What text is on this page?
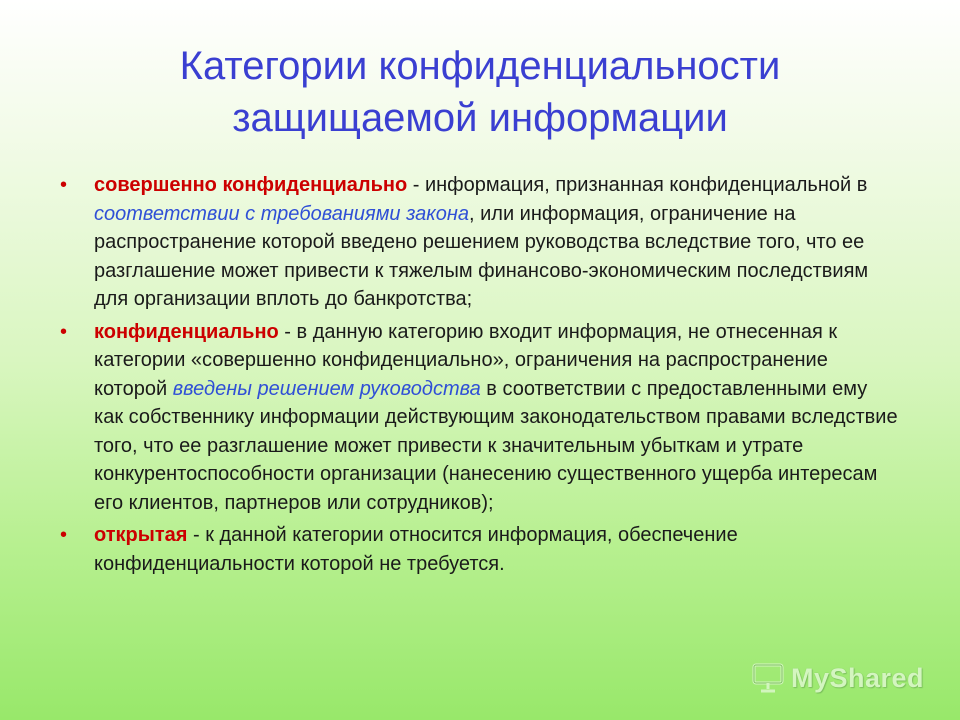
Категории конфиденциальности
защищаемой информации
• совершенно конфиденциально - информация, признанная конфиденциальной в соответствии с требованиями закона, или информация, ограничение на распространение которой введено решением руководства вследствие того, что ее разглашение может привести к тяжелым финансово-экономическим последствиям для организации вплоть до банкротства;
• конфиденциально - в данную категорию входит информация, не отнесенная к категории «совершенно конфиденциально», ограничения на распространение которой введены решением руководства в соответствии с предоставленными ему как собственнику информации действующим законодательством правами вследствие того, что ее разглашение может привести к значительным убыткам и утрате конкурентоспособности организации (нанесению существенного ущерба интересам его клиентов, партнеров или сотрудников);
• открытая - к данной категории относится информация, обеспечение конфиденциальности которой не требуется.
MyShared
